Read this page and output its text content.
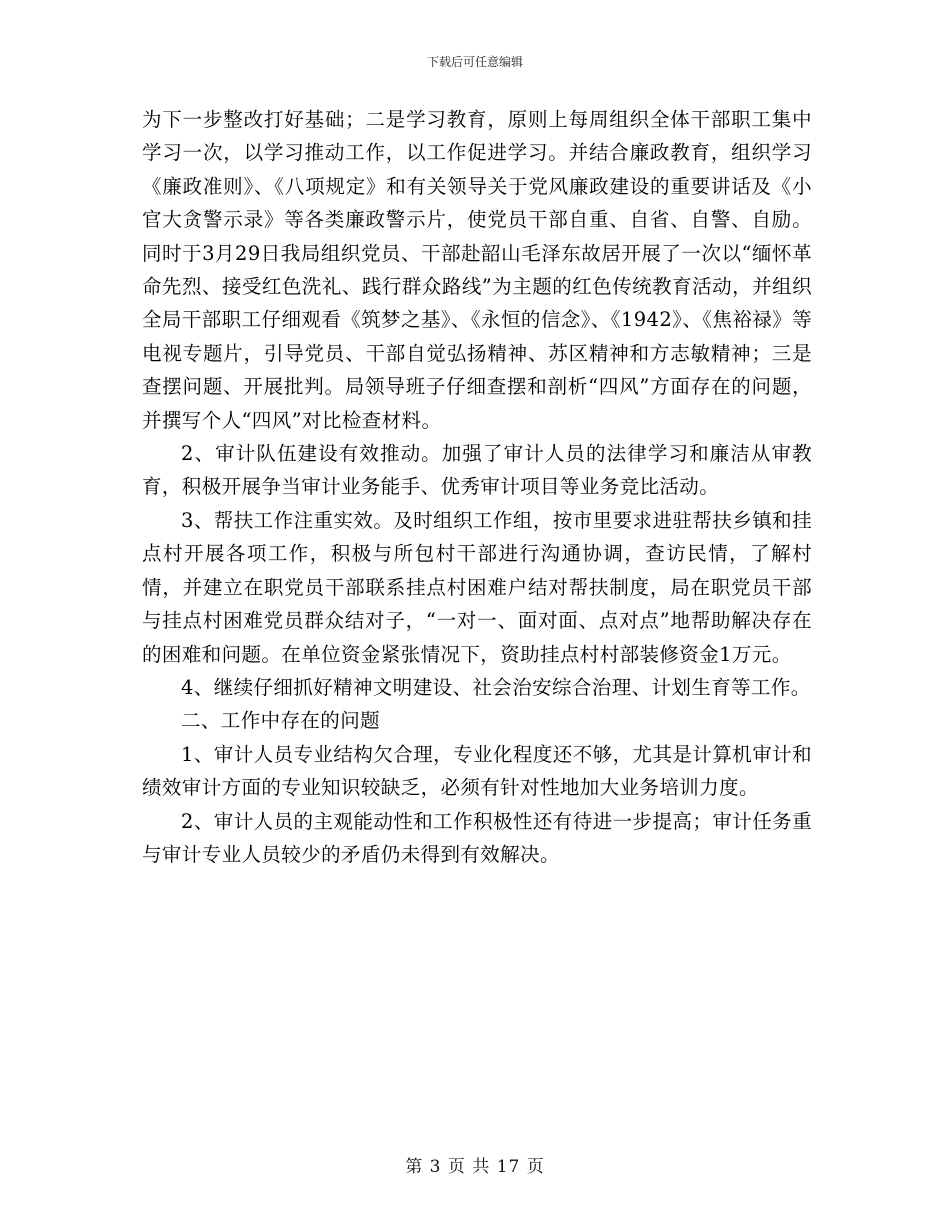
下载后可任意编辑

为下一步整改打好基础；二是学习教育，原则上每周组织全体干部职工集中学习一次，以学习推动工作，以工作促进学习。并结合廉政教育，组织学习《廉政准则》、《八项规定》和有关领导关于党风廉政建设的重要讲话及《小官大贪警示录》等各类廉政警示片，使党员干部自重、自省、自警、自励。同时于3月29日我局组织党员、干部赴韶山毛泽东故居开展了一次以“缅怀革命先烈、接受红色洗礼、践行群众路线”为主题的红色传统教育活动，并组织全局干部职工仔细观看《筑梦之基》、《永恒的信念》、《1942》、《焦裕禄》等电视专题片，引导党员、干部自觉弘扬精神、苏区精神和方志敏精神；三是查摆问题、开展批判。局领导班子仔细查摆和剖析“四风”方面存在的问题，并撰写个人“四风”对比检查材料。

2、审计队伍建设有效推动。加强了审计人员的法律学习和廉洁从审教育，积极开展争当审计业务能手、优秀审计项目等业务竞比活动。

3、帮扶工作注重实效。及时组织工作组，按市里要求进驻帮扶乡镇和挂点村开展各项工作，积极与所包村干部进行沟通协调，查访民情，了解村情，并建立在职党员干部联系挂点村困难户结对帮扶制度，局在职党员干部与挂点村困难党员群众结对子，“一对一、面对面、点对点”地帮助解决存在的困难和问题。在单位资金紧张情况下，资助挂点村村部装修资金1万元。

4、继续仔细抓好精神文明建设、社会治安综合治理、计划生育等工作。

二、工作中存在的问题

1、审计人员专业结构欠合理，专业化程度还不够，尤其是计算机审计和绩效审计方面的专业知识较缺乏，必须有针对性地加大业务培训力度。

2、审计人员的主观能动性和工作积极性还有待进一步提高；审计任务重与审计专业人员较少的矛盾仍未得到有效解决。

第 3 页 共 17 页
